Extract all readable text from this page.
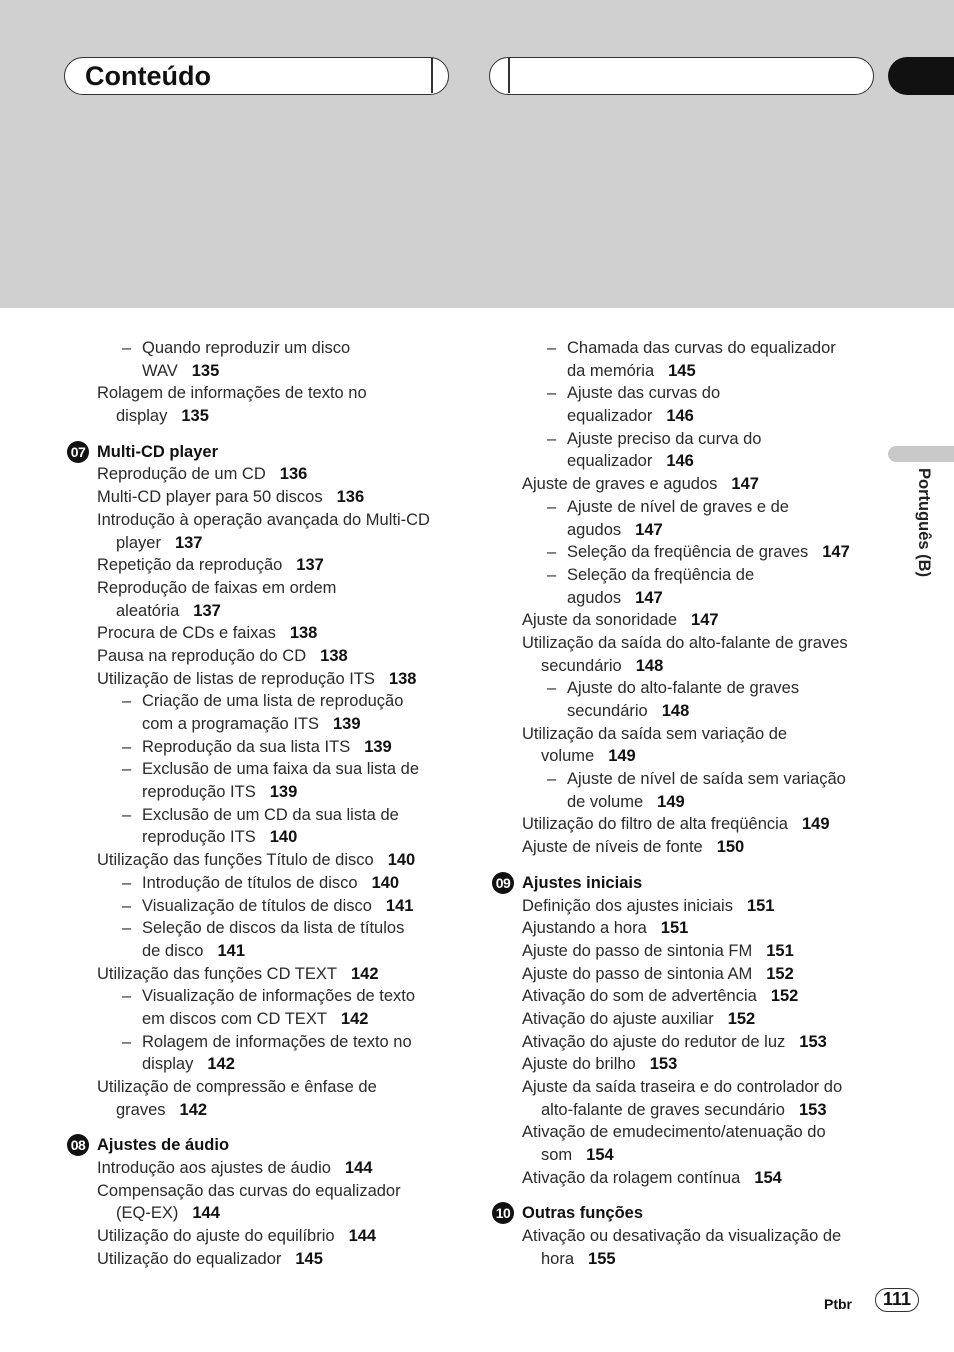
Conteúdo
Português (B)
– Quando reproduzir um disco
WAV 135
Rolagem de informações de texto no
display 135
07 Multi-CD player
Reprodução de um CD 136
Multi-CD player para 50 discos 136
Introdução à operação avançada do Multi-CD
player 137
Repetição da reprodução 137
Reprodução de faixas em ordem
aleatória 137
Procura de CDs e faixas 138
Pausa na reprodução do CD 138
Utilização de listas de reprodução ITS 138
– Criação de uma lista de reprodução
com a programação ITS 139
– Reprodução da sua lista ITS 139
– Exclusão de uma faixa da sua lista de
reprodução ITS 139
– Exclusão de um CD da sua lista de
reprodução ITS 140
Utilização das funções Título de disco 140
– Introdução de títulos de disco 140
– Visualização de títulos de disco 141
– Seleção de discos da lista de títulos
de disco 141
Utilização das funções CD TEXT 142
– Visualização de informações de texto
em discos com CD TEXT 142
– Rolagem de informações de texto no
display 142
Utilização de compressão e ênfase de
graves 142
08 Ajustes de áudio
Introdução aos ajustes de áudio 144
Compensação das curvas do equalizador
(EQ-EX) 144
Utilização do ajuste do equilíbrio 144
Utilização do equalizador 145
– Chamada das curvas do equalizador
da memória 145
– Ajuste das curvas do
equalizador 146
– Ajuste preciso da curva do
equalizador 146
Ajuste de graves e agudos 147
– Ajuste de nível de graves e de
agudos 147
– Seleção da freqüência de graves 147
– Seleção da freqüência de
agudos 147
Ajuste da sonoridade 147
Utilização da saída do alto-falante de graves
secundário 148
– Ajuste do alto-falante de graves
secundário 148
Utilização da saída sem variação de
volume 149
– Ajuste de nível de saída sem variação
de volume 149
Utilização do filtro de alta freqüência 149
Ajuste de níveis de fonte 150
09 Ajustes iniciais
Definição dos ajustes iniciais 151
Ajustando a hora 151
Ajuste do passo de sintonia FM 151
Ajuste do passo de sintonia AM 152
Ativação do som de advertência 152
Ativação do ajuste auxiliar 152
Ativação do ajuste do redutor de luz 153
Ajuste do brilho 153
Ajuste da saída traseira e do controlador do
alto-falante de graves secundário 153
Ativação de emudecimento/atenuação do
som 154
Ativação da rolagem contínua 154
10 Outras funções
Ativação ou desativação da visualização de
hora 155
Ptbr	111
